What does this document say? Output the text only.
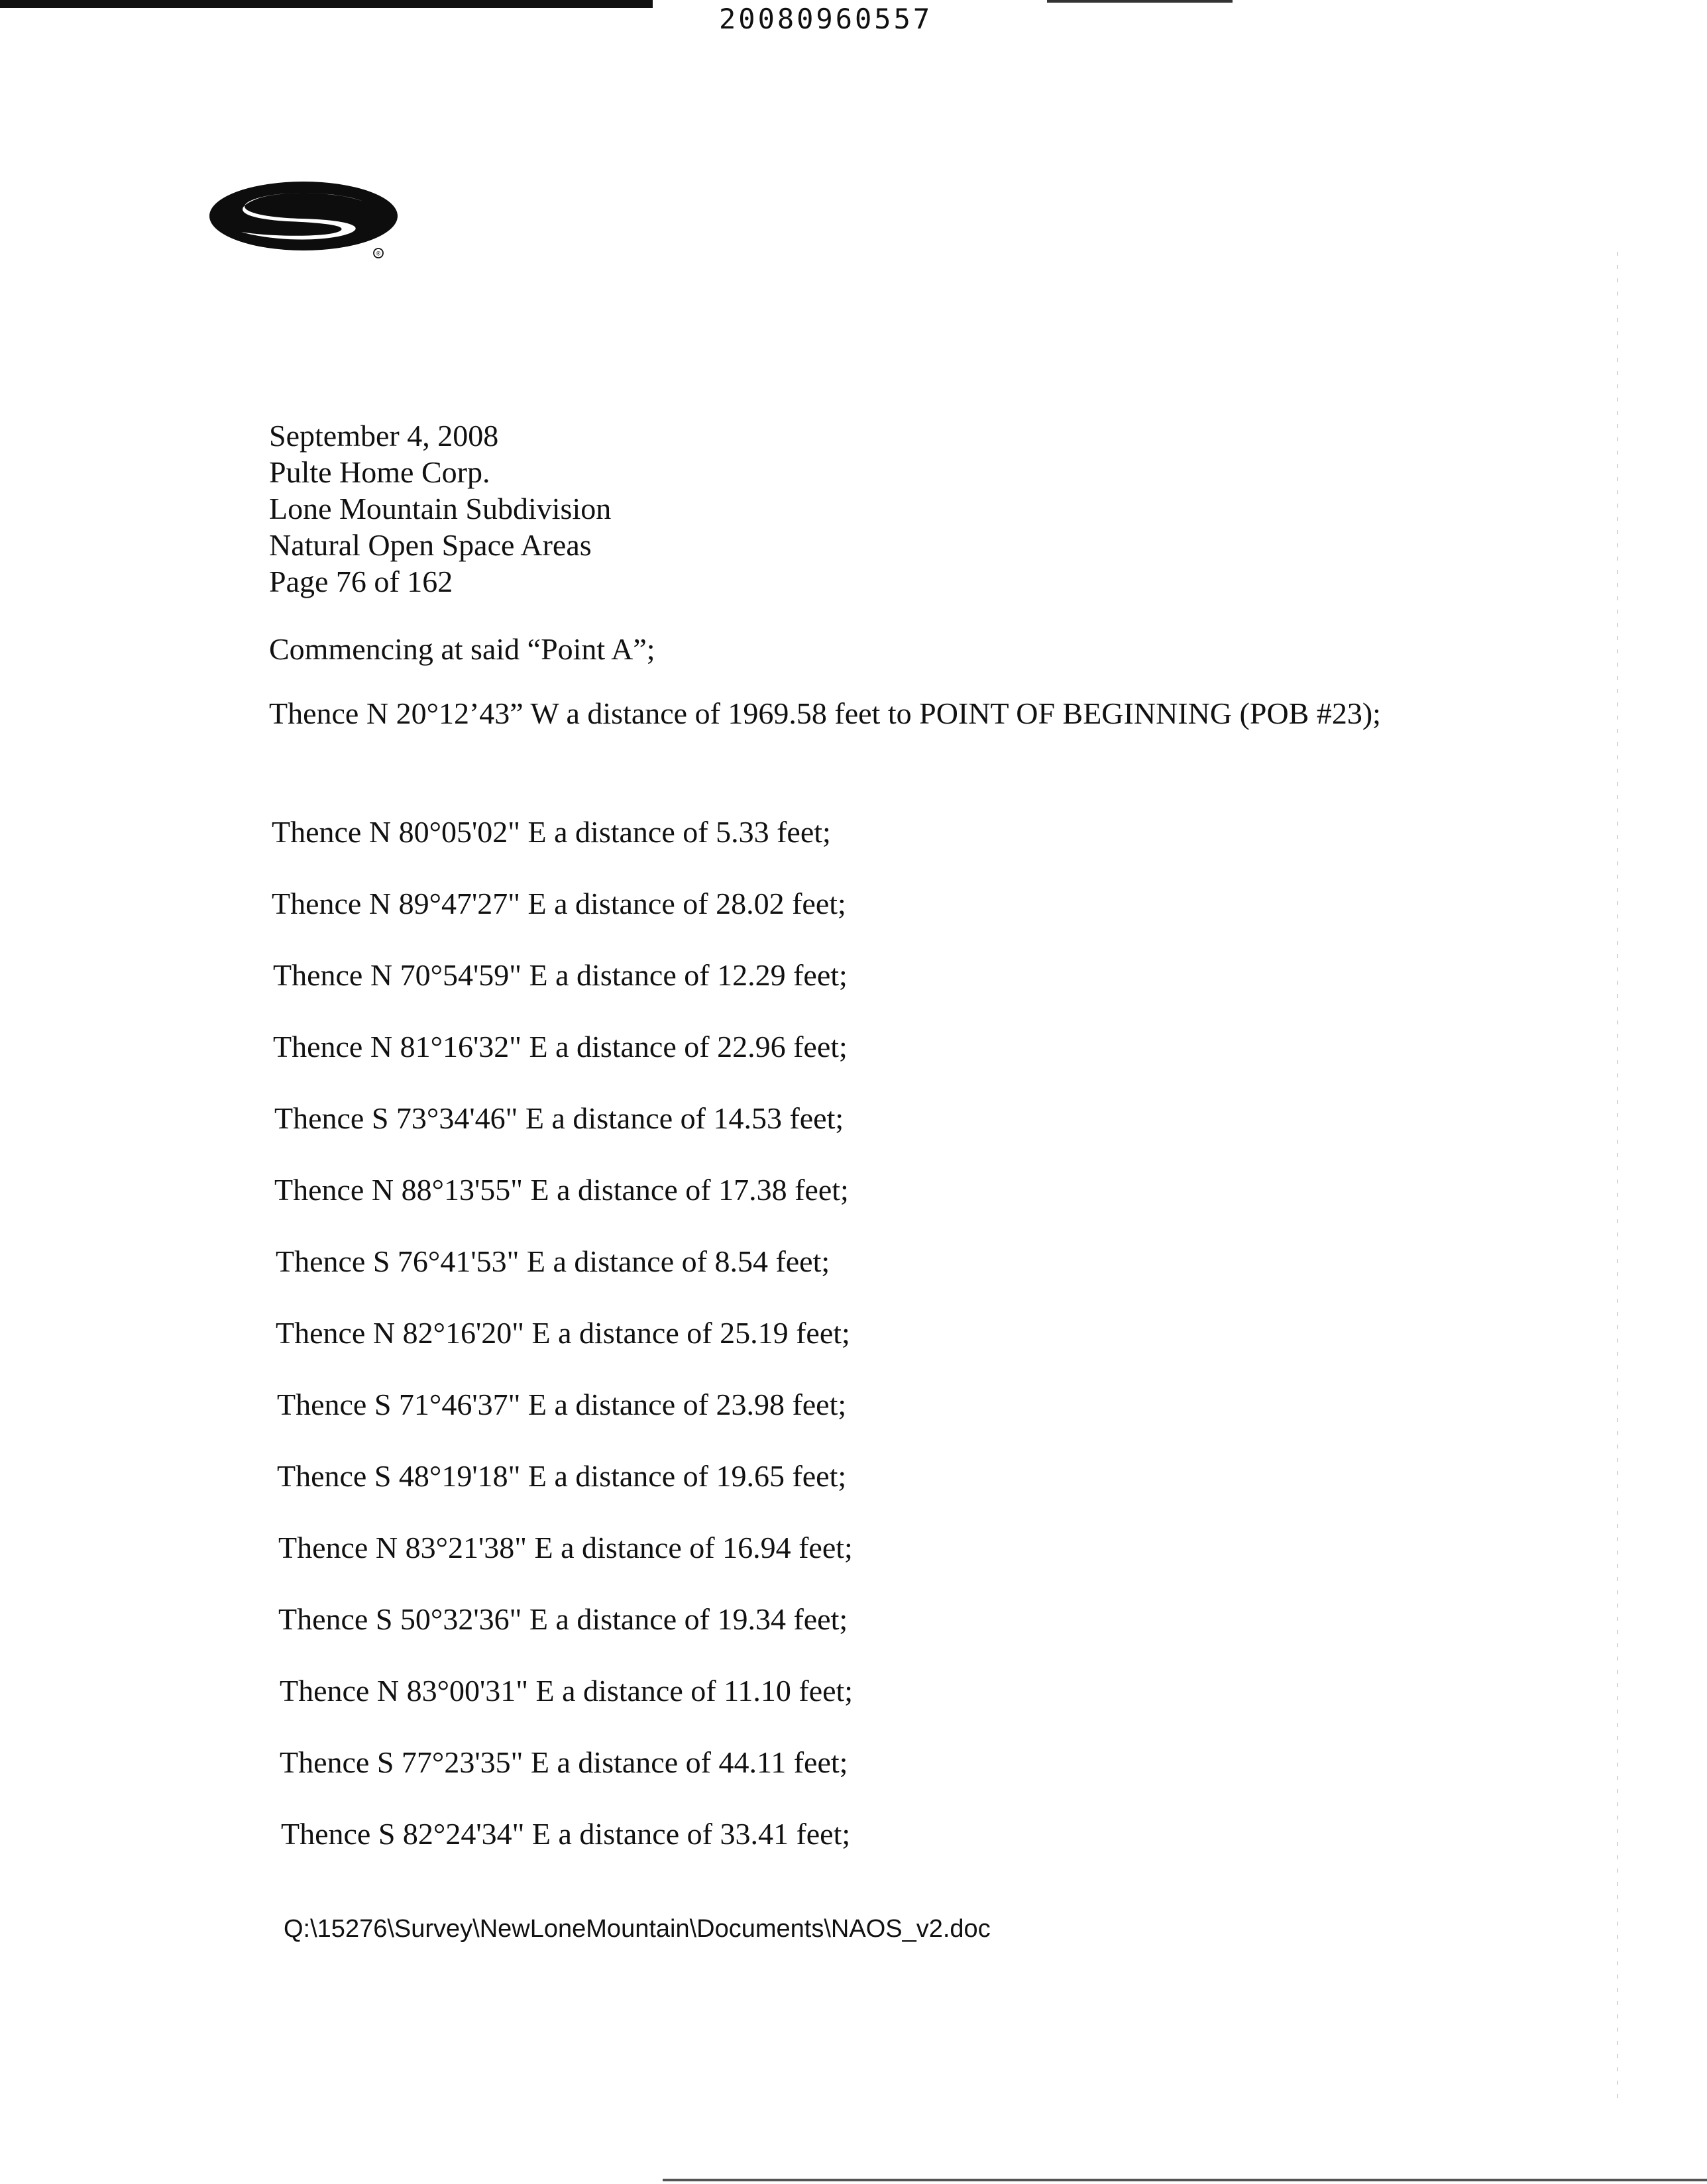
20080960557
®
September 4, 2008
Pulte Home Corp.
Lone Mountain Subdivision
Natural Open Space Areas
Page 76 of 162
Commencing at said “Point A”;
Thence N 20°12’43” W a distance of 1969.58 feet to POINT OF BEGINNING (POB #23);
Thence N 80°05'02" E a distance of 5.33 feet;
Thence N 89°47'27" E a distance of 28.02 feet;
Thence N 70°54'59" E a distance of 12.29 feet;
Thence N 81°16'32" E a distance of 22.96 feet;
Thence S 73°34'46" E a distance of 14.53 feet;
Thence N 88°13'55" E a distance of 17.38 feet;
Thence S 76°41'53" E a distance of 8.54 feet;
Thence N 82°16'20" E a distance of 25.19 feet;
Thence S 71°46'37" E a distance of 23.98 feet;
Thence S 48°19'18" E a distance of 19.65 feet;
Thence N 83°21'38" E a distance of 16.94 feet;
Thence S 50°32'36" E a distance of 19.34 feet;
Thence N 83°00'31" E a distance of 11.10 feet;
Thence S 77°23'35" E a distance of 44.11 feet;
Thence S 82°24'34" E a distance of 33.41 feet;
Q:\15276\Survey\NewLoneMountain\Documents\NAOS_v2.doc
